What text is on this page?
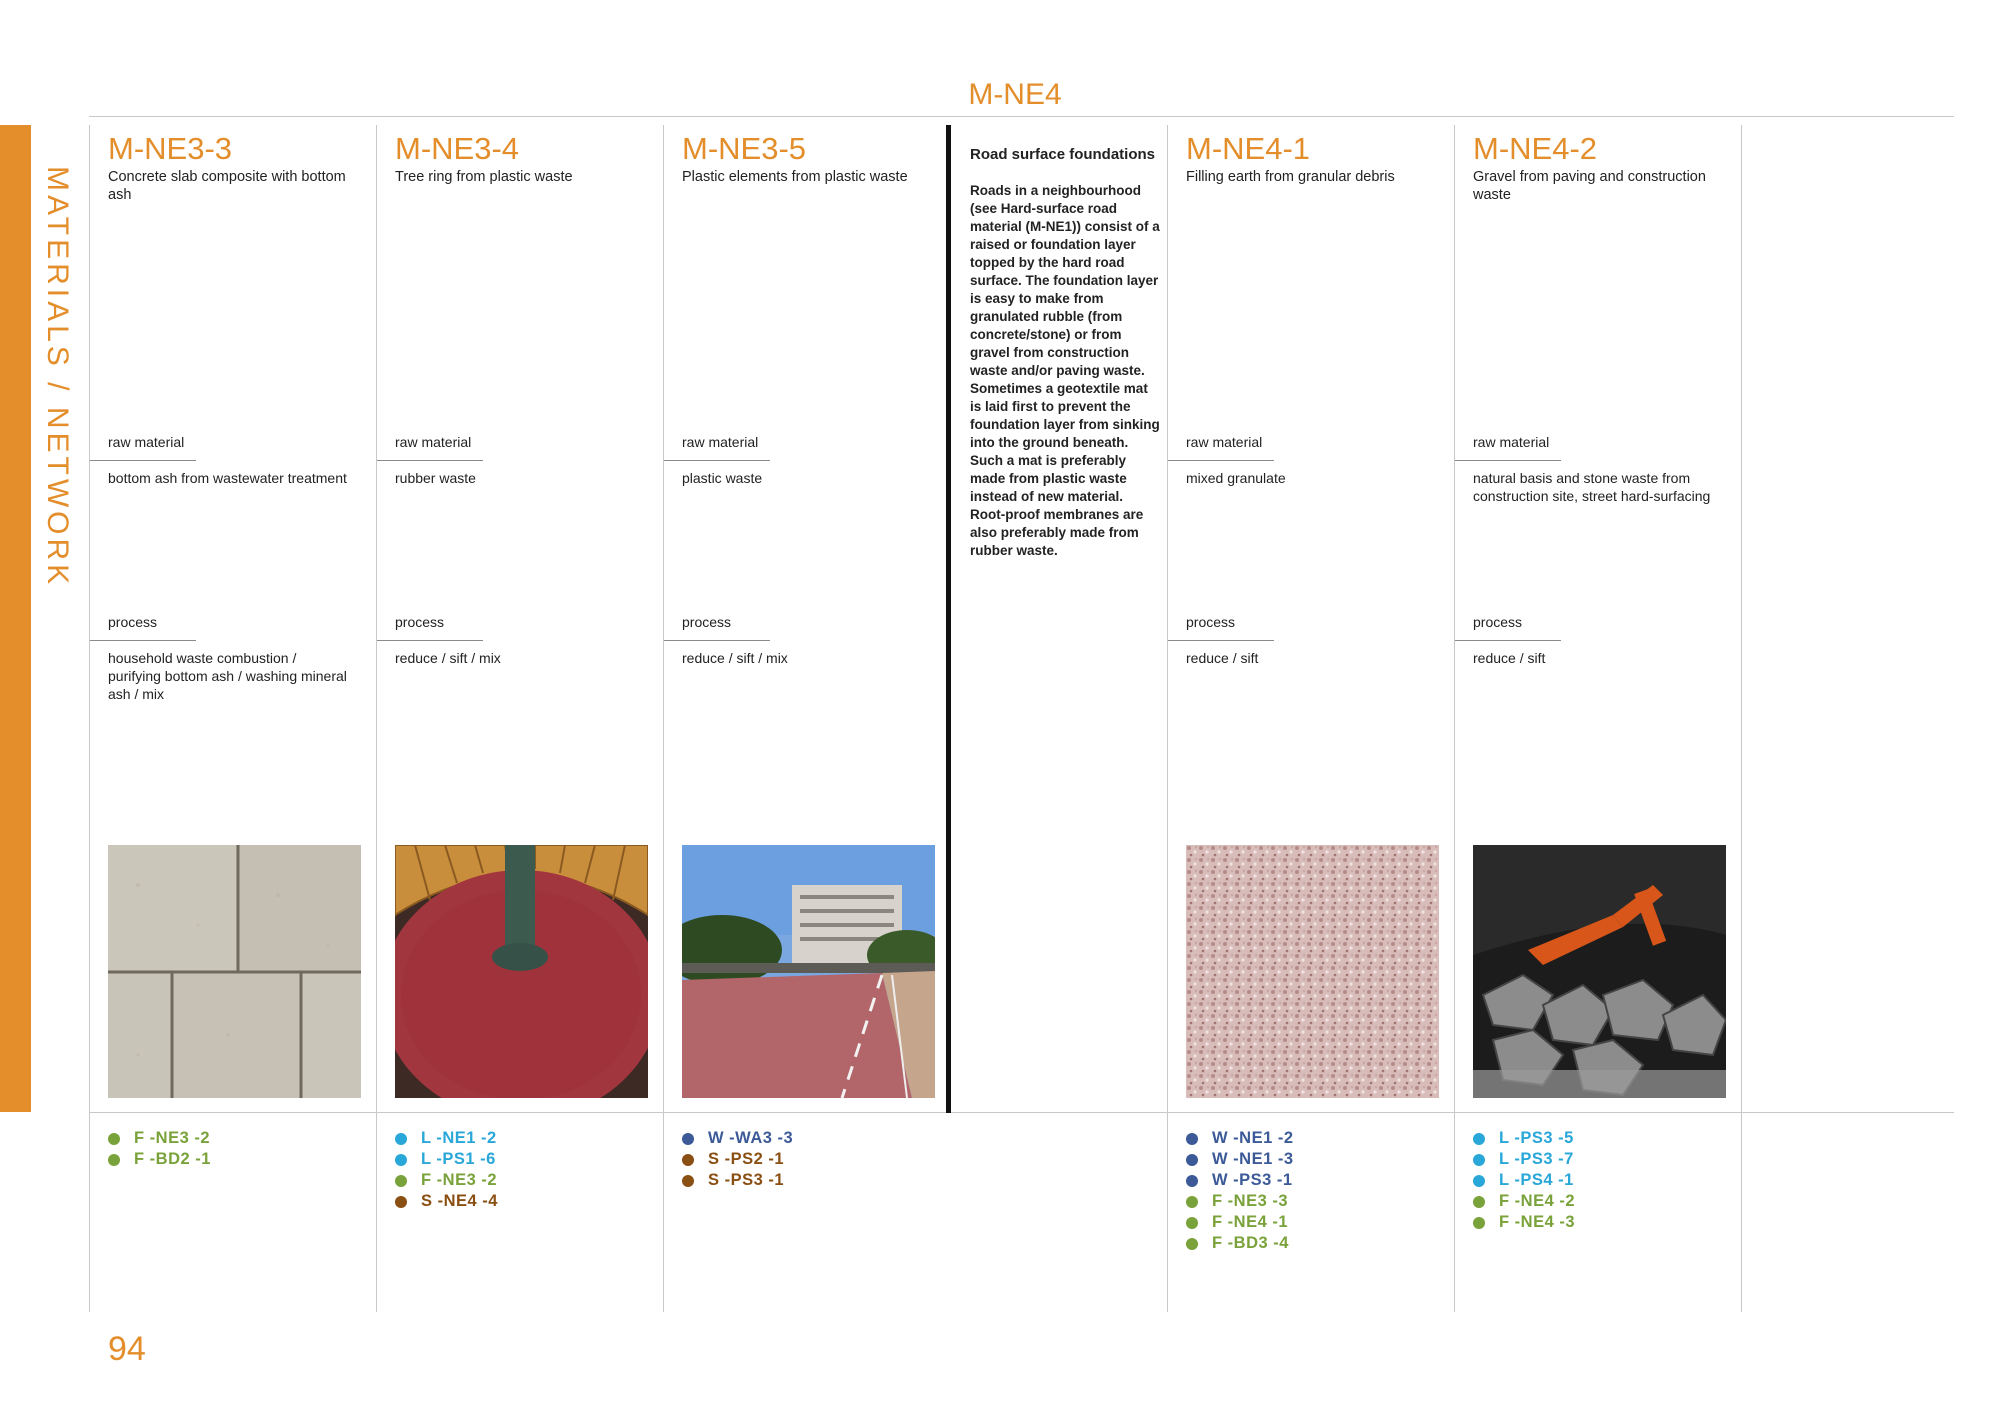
MATERIALS / NETWORK
M-NE4
Road surface foundations
Roads in a neighbourhood (see Hard-surface road material (M-NE1)) consist of a raised or foundation layer topped by the hard road surface. The foundation layer is easy to make from granulated rubble (from concrete/stone) or from gravel from construction waste and/or paving waste. Sometimes a geotextile mat is laid first to prevent the foundation layer from sinking into the ground beneath. Such a mat is preferably made from plastic waste instead of new material. Root-proof membranes are also preferably made from rubber waste.
M-NE3-3
Concrete slab composite with bottom ash
raw material
bottom ash from wastewater treatment
process
household waste combustion / purifying bottom ash / washing mineral ash / mix
M-NE3-4
Tree ring from plastic waste
raw material
rubber waste
process
reduce / sift / mix
M-NE3-5
Plastic elements from plastic waste
raw material
plastic waste
process
reduce / sift / mix
M-NE4-1
Filling earth from granular debris
raw material
mixed granulate
process
reduce / sift
M-NE4-2
Gravel from paving and construction waste
raw material
natural basis and stone waste from construction site, street hard-surfacing
process
reduce / sift
94
F -NE3 -2
F -BD2 -1
L -NE1 -2
L -PS1 -6
F -NE3 -2
S -NE4 -4
W -WA3 -3
S -PS2 -1
S -PS3 -1
W -NE1 -2
W -NE1 -3
W -PS3 -1
F -NE3 -3
F -NE4 -1
F -BD3 -4
L -PS3 -5
L -PS3 -7
L -PS4 -1
F -NE4 -2
F -NE4 -3
